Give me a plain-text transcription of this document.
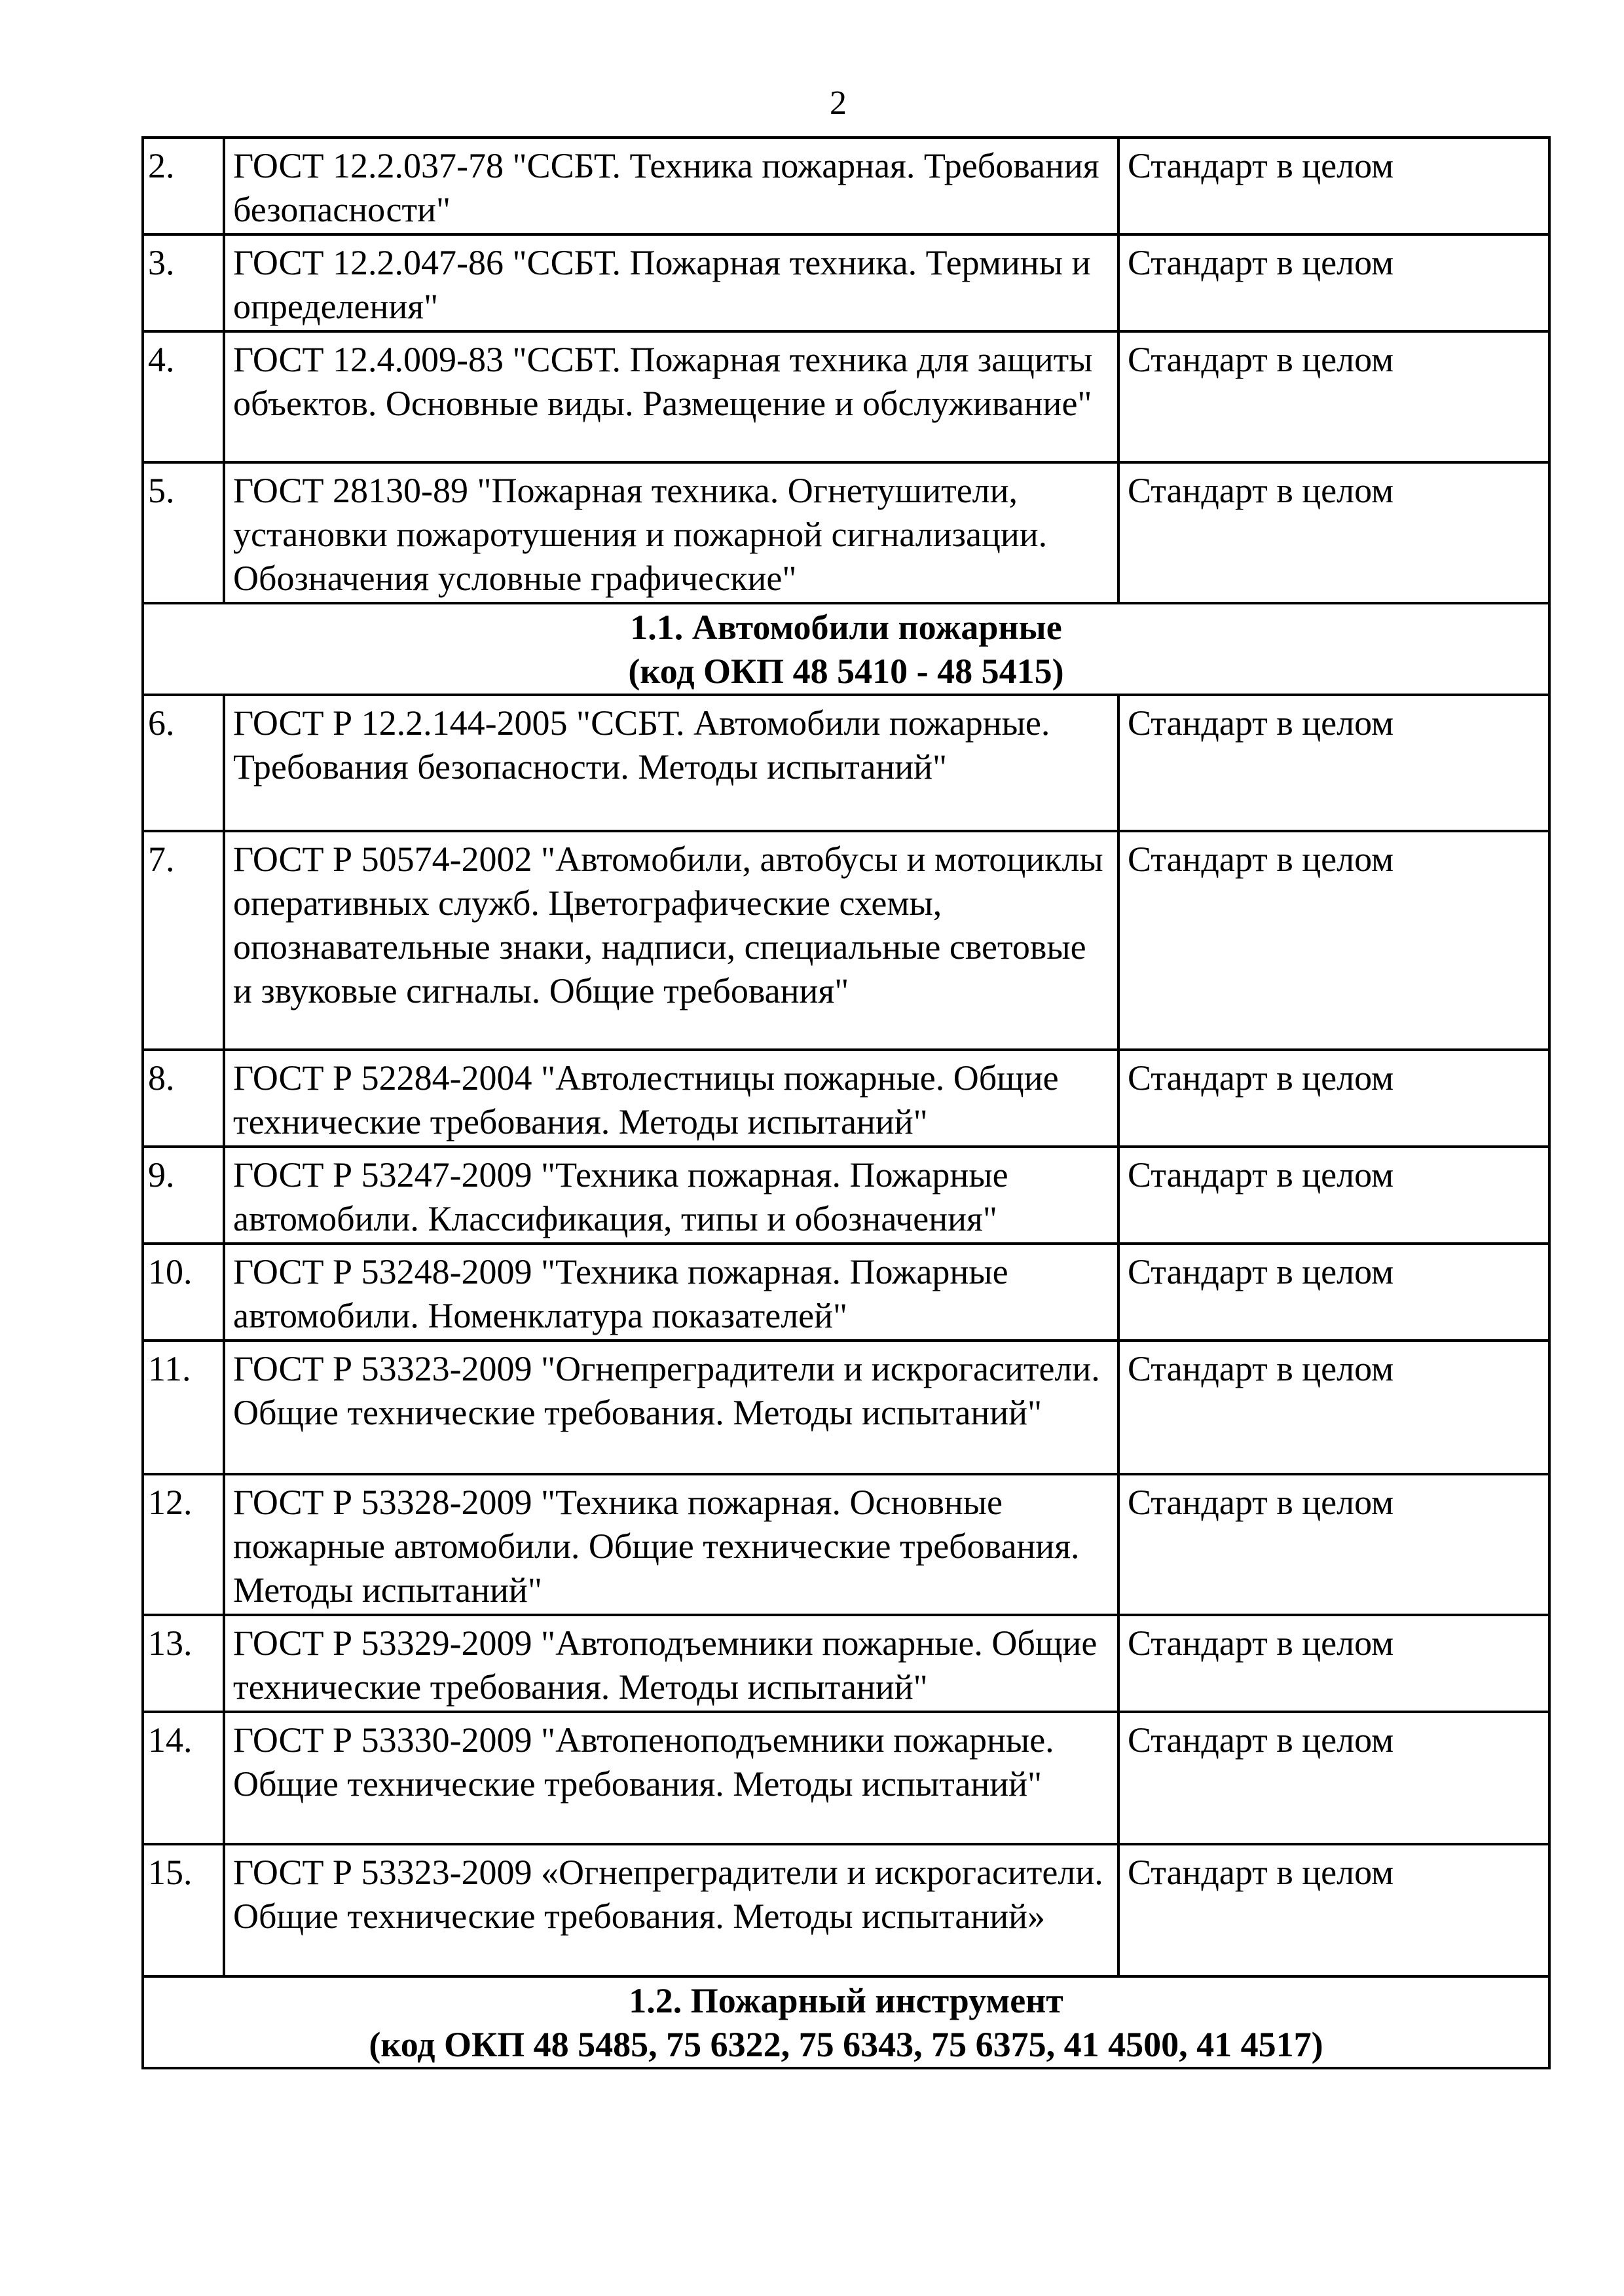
2
2.	ГОСТ 12.2.037-78 "ССБТ. Техника пожарная. Требования безопасности"	Стандарт в целом
3.	ГОСТ 12.2.047-86 "ССБТ. Пожарная техника. Термины и определения"	Стандарт в целом
4.	ГОСТ 12.4.009-83 "ССБТ. Пожарная техника для защиты объектов. Основные виды. Размещение и обслуживание"	Стандарт в целом
5.	ГОСТ 28130-89 "Пожарная техника. Огнетушители, установки пожаротушения и пожарной сигнализации. Обозначения условные графические"	Стандарт в целом

1.1. Автомобили пожарные
(код ОКП 48 5410 - 48 5415)		

6.	ГОСТ Р 12.2.144-2005 "ССБТ. Автомобили пожарные. Требования безопасности. Методы испытаний"	Стандарт в целом
7.	ГОСТ Р 50574-2002 "Автомобили, автобусы и мотоциклы оперативных служб. Цветографические схемы, опознавательные знаки, надписи, специальные световые и звуковые сигналы. Общие требования"	Стандарт в целом
8.	ГОСТ Р 52284-2004 "Автолестницы пожарные. Общие технические требования. Методы испытаний"	Стандарт в целом
9.	ГОСТ Р 53247-2009 "Техника пожарная. Пожарные автомобили. Классификация, типы и обозначения"	Стандарт в целом
10.	ГОСТ Р 53248-2009 "Техника пожарная. Пожарные автомобили. Номенклатура показателей"	Стандарт в целом
11.	ГОСТ Р 53323-2009 "Огнепреградители и искрогасители. Общие технические требования. Методы испытаний"	Стандарт в целом
12.	ГОСТ Р 53328-2009 "Техника пожарная. Основные пожарные автомобили. Общие технические требования. Методы испытаний"	Стандарт в целом
13.	ГОСТ Р 53329-2009 "Автоподъемники пожарные. Общие технические требования. Методы испытаний"	Стандарт в целом
14.	ГОСТ Р 53330-2009 "Автопеноподъемники пожарные. Общие технические требования. Методы испытаний"	Стандарт в целом
15.	ГОСТ Р 53323-2009 «Огнепреградители и искрогасители. Общие технические требования. Методы испытаний»	Стандарт в целом

1.2. Пожарный инструмент
(код ОКП 48 5485, 75 6322, 75 6343, 75 6375, 41 4500, 41 4517)		
